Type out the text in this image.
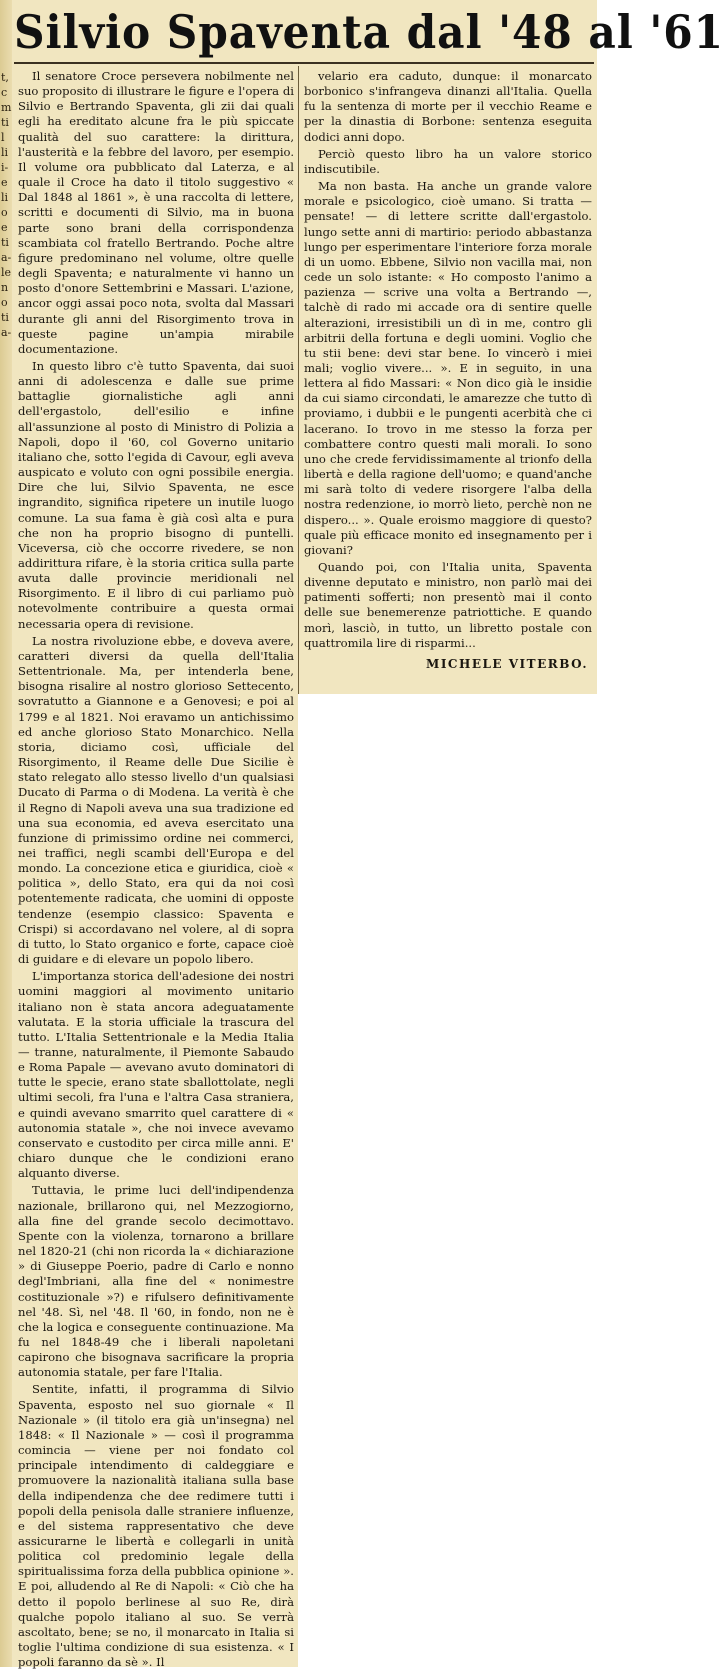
t,
c
m
ti
l
li
i-
e
li
o
e
ti
a-
le
n
o
ti
a-
Silvio Spaventa dal '48 al '61

Il senatore Croce persevera nobilmente nel suo proposito di illustrare le figure e l'opera di Silvio e Bertrando Spaventa, gli zii dai quali egli ha ereditato alcune fra le più spiccate qualità del suo carattere: la dirittura, l'austerità e la febbre del lavoro, per esempio. Il volume ora pubblicato dal Laterza, e al quale il Croce ha dato il titolo suggestivo « Dal 1848 al 1861 », è una raccolta di lettere, scritti e documenti di Silvio, ma in buona parte sono brani della corrispondenza scambiata col fratello Bertrando. Poche altre figure predominano nel volume, oltre quelle degli Spaventa; e naturalmente vi hanno un posto d'onore Settembrini e Massari. L'azione, ancor oggi assai poco nota, svolta dal Massari durante gli anni del Risorgimento trova in queste pagine un'ampia mirabile documentazione.

In questo libro c'è tutto Spaventa, dai suoi anni di adolescenza e dalle sue prime battaglie giornalistiche agli anni dell'ergastolo, dell'esilio e infine all'assunzione al posto di Ministro di Polizia a Napoli, dopo il '60, col Governo unitario italiano che, sotto l'egida di Cavour, egli aveva auspicato e voluto con ogni possibile energia. Dire che lui, Silvio Spaventa, ne esce ingrandito, significa ripetere un inutile luogo comune. La sua fama è già così alta e pura che non ha proprio bisogno di puntelli. Viceversa, ciò che occorre rivedere, se non addirittura rifare, è la storia critica sulla parte avuta dalle provincie meridionali nel Risorgimento. E il libro di cui parliamo può notevolmente contribuire a questa ormai necessaria opera di revisione.

La nostra rivoluzione ebbe, e doveva avere, caratteri diversi da quella dell'Italia Settentrionale. Ma, per intenderla bene, bisogna risalire al nostro glorioso Settecento, sovratutto a Giannone e a Genovesi; e poi al 1799 e al 1821. Noi eravamo un antichissimo ed anche glorioso Stato Monarchico. Nella storia, diciamo così, ufficiale del Risorgimento, il Reame delle Due Sicilie è stato relegato allo stesso livello d'un qualsiasi Ducato di Parma o di Modena. La verità è che il Regno di Napoli aveva una sua tradizione ed una sua economia, ed aveva esercitato una funzione di primissimo ordine nei commerci, nei traffici, negli scambi dell'Europa e del mondo. La concezione etica e giuridica, cioè « politica », dello Stato, era qui da noi così potentemente radicata, che uomini di opposte tendenze (esempio classico: Spaventa e Crispi) si accordavano nel volere, al di sopra di tutto, lo Stato organico e forte, capace cioè di guidare e di elevare un popolo libero.

L'importanza storica dell'adesione dei nostri uomini maggiori al movimento unitario italiano non è stata ancora adeguatamente valutata. E la storia ufficiale la trascura del tutto. L'Italia Settentrionale e la Media Italia — tranne, naturalmente, il Piemonte Sabaudo e Roma Papale — avevano avuto dominatori di tutte le specie, erano state sballottolate, negli ultimi secoli, fra l'una e l'altra Casa straniera, e quindi avevano smarrito quel carattere di « autonomia statale », che noi invece avevamo conservato e custodito per circa mille anni. E' chiaro dunque che le condizioni erano alquanto diverse.

Tuttavia, le prime luci dell'indipendenza nazionale, brillarono qui, nel Mezzogiorno, alla fine del grande secolo decimottavo. Spente con la violenza, tornarono a brillare nel 1820-21 (chi non ricorda la « dichiarazione » di Giuseppe Poerio, padre di Carlo e nonno degl'Imbriani, alla fine del « nonimestre costituzionale »?) e rifulsero definitivamente nel '48. Sì, nel '48. Il '60, in fondo, non ne è che la logica e conseguente continuazione. Ma fu nel 1848-49 che i liberali napoletani capirono che bisognava sacrificare la propria autonomia statale, per fare l'Italia.

Sentite, infatti, il programma di Silvio Spaventa, esposto nel suo giornale « Il Nazionale » (il titolo era già un'insegna) nel 1848: « Il Nazionale » — così il programma comincia — viene per noi fondato col principale intendimento di caldeggiare e promuovere la nazionalità italiana sulla base della indipendenza che dee redimere tutti i popoli della penisola dalle straniere influenze, e del sistema rappresentativo che deve assicurarne le libertà e collegarli in unità politica col predominio legale della spiritualissima forza della pubblica opinione ». E poi, alludendo al Re di Napoli: « Ciò che ha detto il popolo berlinese al suo Re, dirà qualche popolo italiano al suo. Se verrà ascoltato, bene; se no, il monarcato in Italia si toglie l'ultima condizione di sua esistenza. « I popoli faranno da sè ». Il

velario era caduto, dunque: il monarcato borbonico s'infrangeva dinanzi all'Italia. Quella fu la sentenza di morte per il vecchio Reame e per la dinastia di Borbone: sentenza eseguita dodici anni dopo.

Perciò questo libro ha un valore storico indiscutibile.

Ma non basta. Ha anche un grande valore morale e psicologico, cioè umano. Si tratta — pensate! — di lettere scritte dall'ergastolo. lungo sette anni di martirio: periodo abbastanza lungo per esperimentare l'interiore forza morale di un uomo. Ebbene, Silvio non vacilla mai, non cede un solo istante: « Ho composto l'animo a pazienza — scrive una volta a Bertrando —, talchè di rado mi accade ora di sentire quelle alterazioni, irresistibili un dì in me, contro gli arbitrii della fortuna e degli uomini. Voglio che tu stii bene: devi star bene. Io vincerò i miei mali; voglio vivere... ». E in seguito, in una lettera al fido Massari: « Non dico già le insidie da cui siamo circondati, le amarezze che tutto dì proviamo, i dubbii e le pungenti acerbità che ci lacerano. Io trovo in me stesso la forza per combattere contro questi mali morali. Io sono uno che crede fervidissimamente al trionfo della libertà e della ragione dell'uomo; e quand'anche mi sarà tolto di vedere risorgere l'alba della nostra redenzione, io morrò lieto, perchè non ne dispero... ». Quale eroismo maggiore di questo? quale più efficace monito ed insegnamento per i giovani?

Quando poi, con l'Italia unita, Spaventa divenne deputato e ministro, non parlò mai dei patimenti sofferti; non presentò mai il conto delle sue benemerenze patriottiche. E quando morì, lasciò, in tutto, un libretto postale con quattromila lire di risparmi...

MICHELE VITERBO.
